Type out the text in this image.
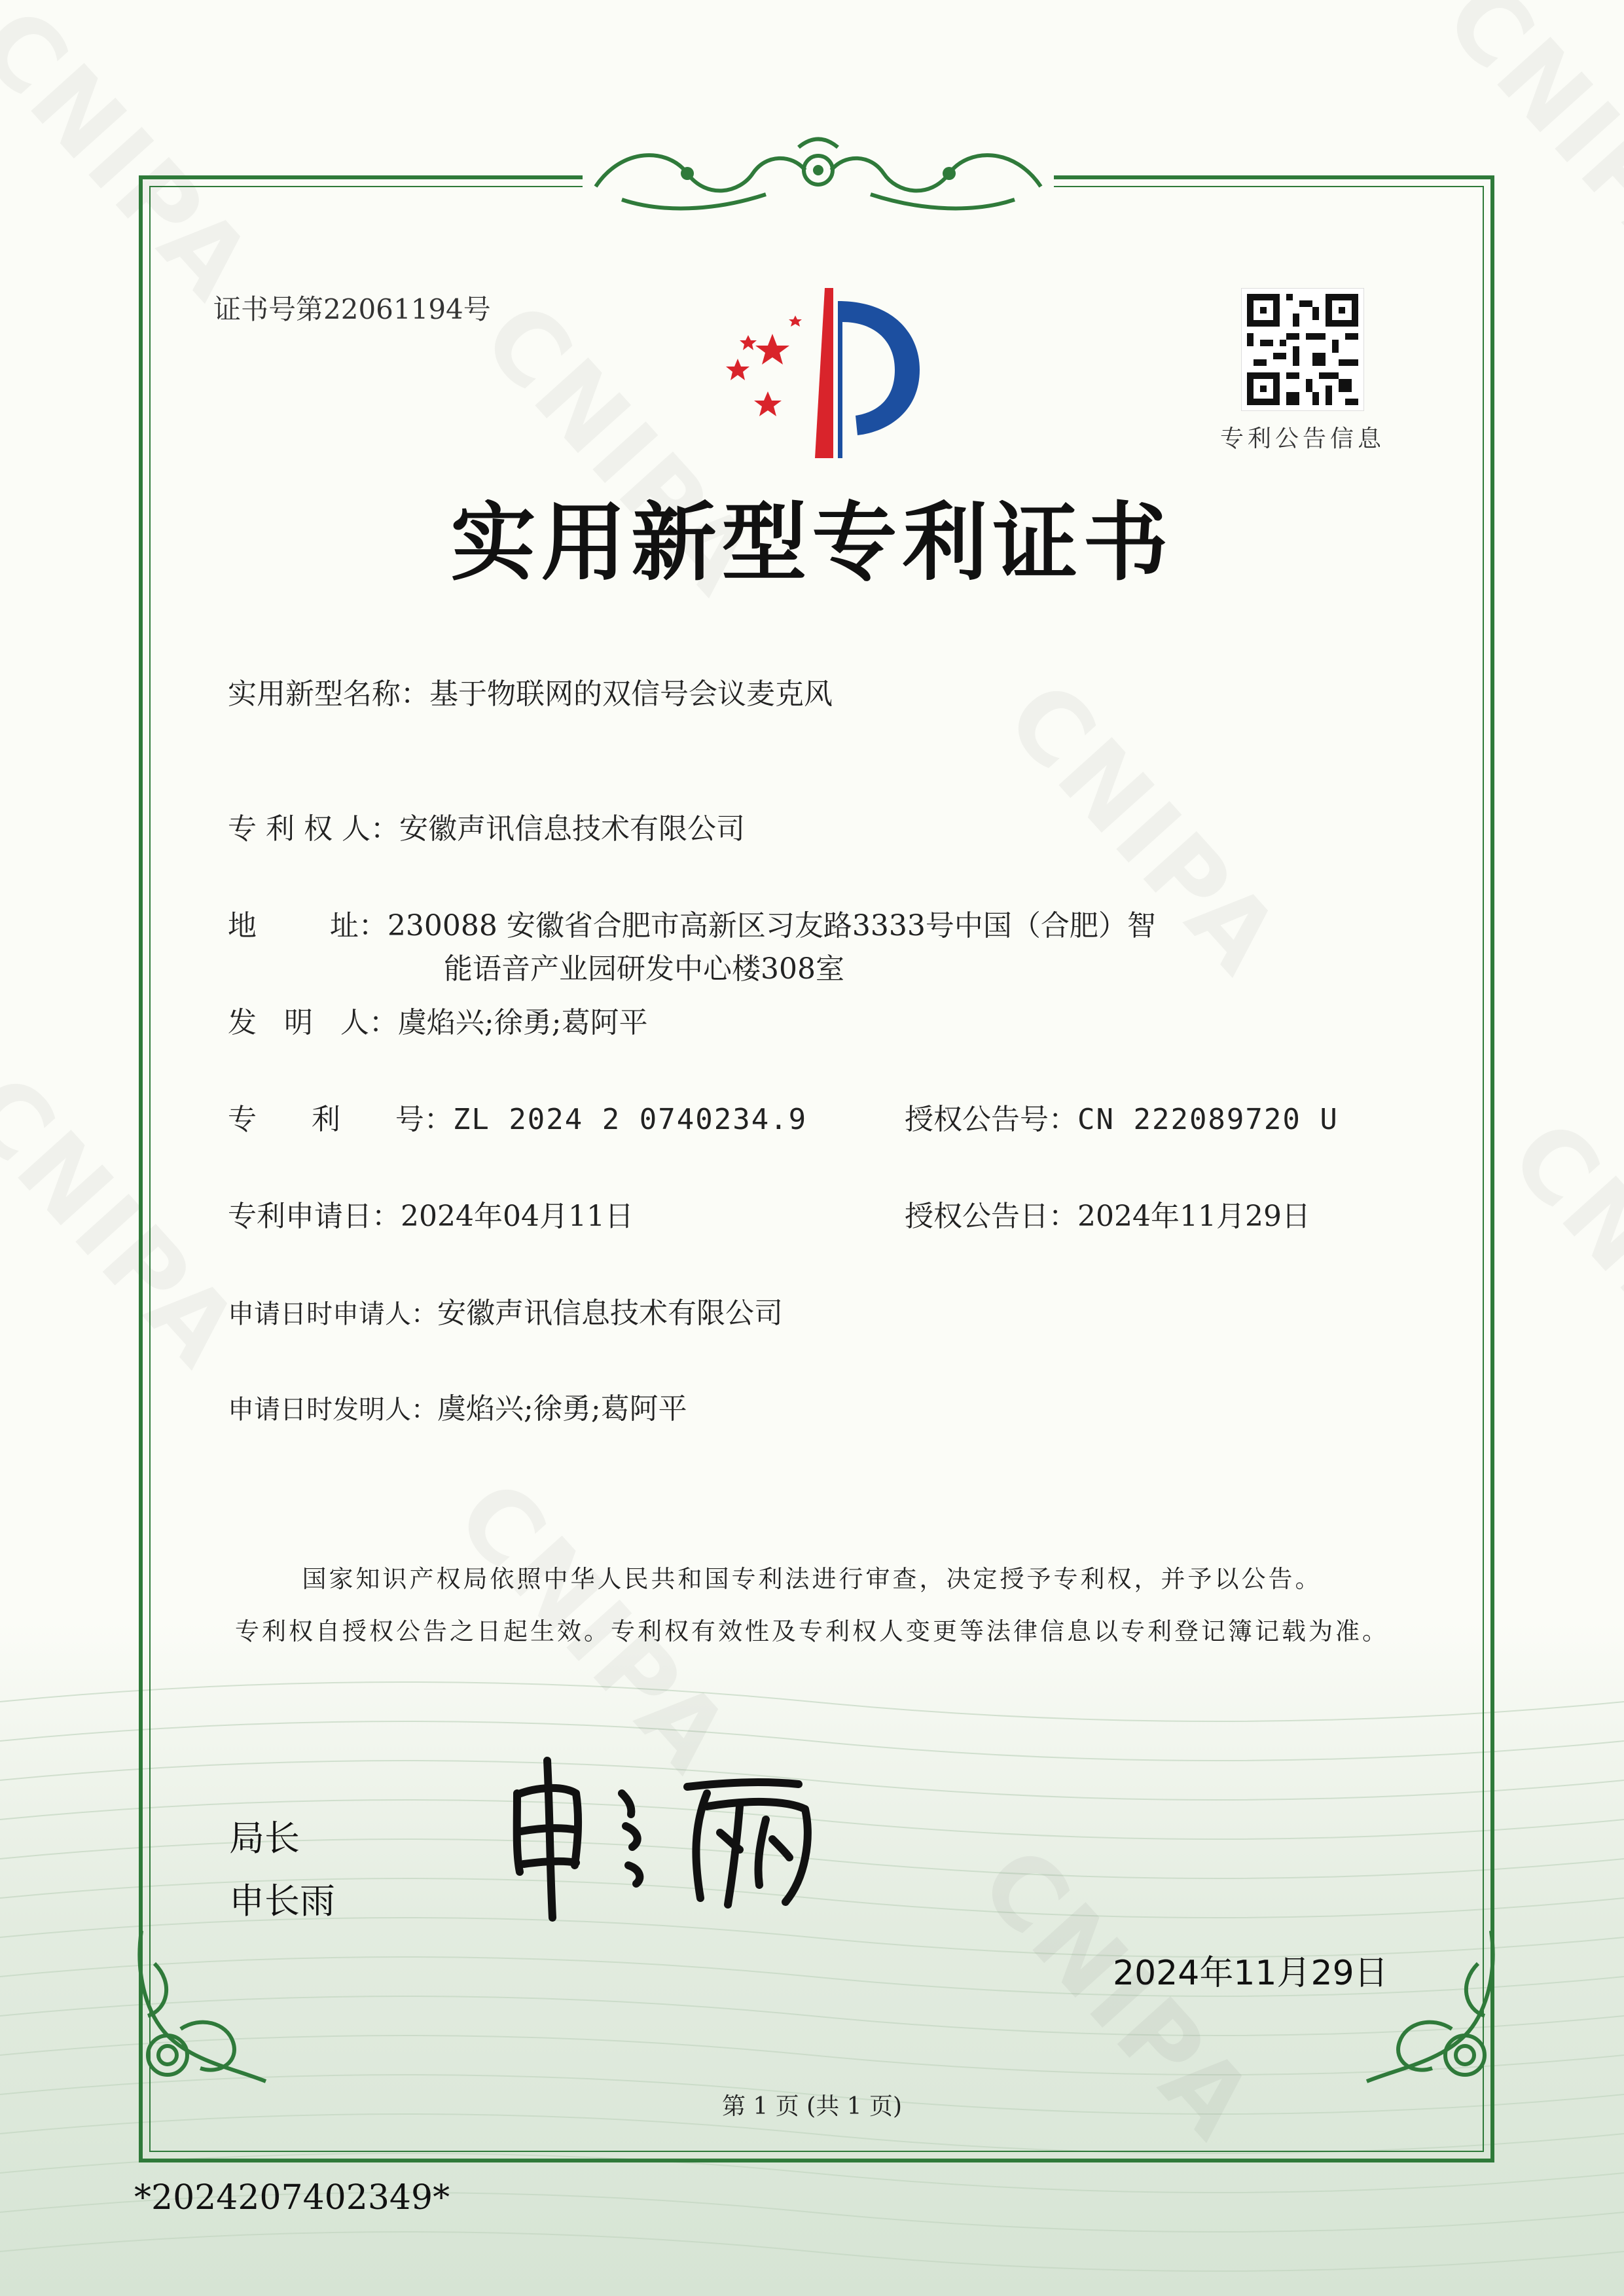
证书号第22061194号
专利公告信息
实用新型专利证书
实用新型名称：基于物联网的双信号会议麦克风
专 利 权 人：安徽声讯信息技术有限公司
地        址：230088 安徽省合肥市高新区习友路3333号中国（合肥）智
能语音产业园研发中心楼308室
发   明   人：虞焰兴;徐勇;葛阿平
专      利      号：ZL 2024 2 0740234.9	授权公告号：CN 222089720 U
专利申请日：2024年04月11日	授权公告日：2024年11月29日
申请日时申请人：安徽声讯信息技术有限公司
申请日时发明人：虞焰兴;徐勇;葛阿平
国家知识产权局依照中华人民共和国专利法进行审查，决定授予专利权，并予以公告。
专利权自授权公告之日起生效。专利权有效性及专利权人变更等法律信息以专利登记簿记载为准。
局长
申长雨
2024年11月29日
第 1 页 (共 1 页)
*2024207402349*
